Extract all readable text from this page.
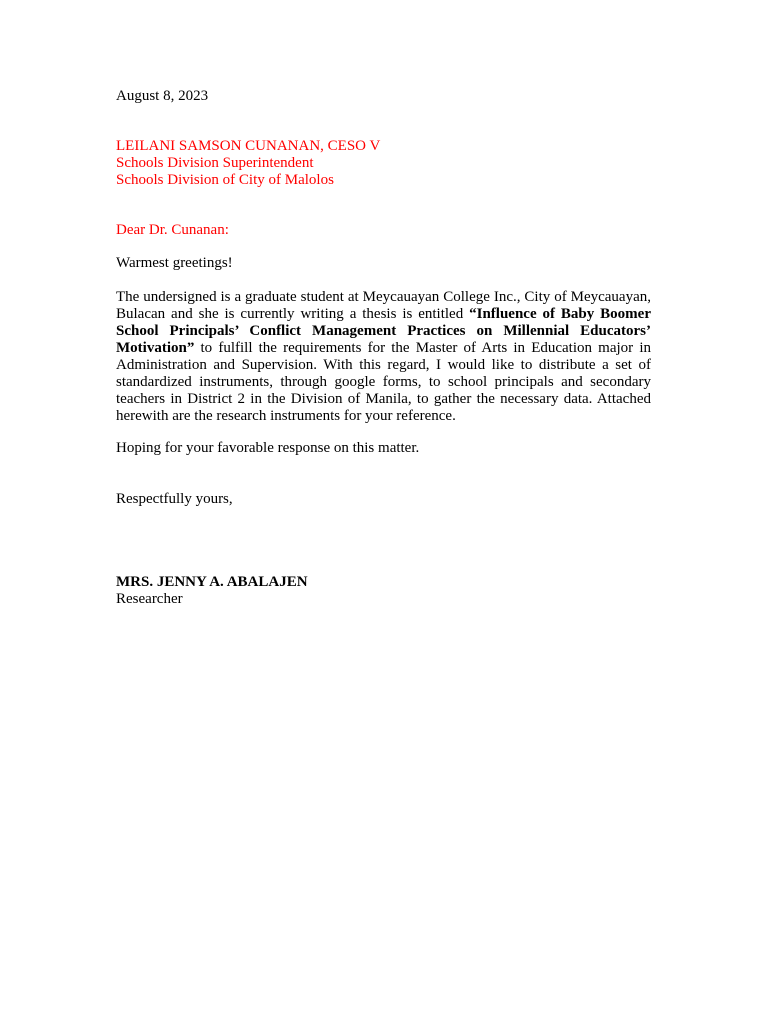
August 8, 2023
LEILANI SAMSON CUNANAN, CESO V
Schools Division Superintendent
Schools Division of City of Malolos
Dear Dr. Cunanan:
Warmest greetings!
The undersigned is a graduate student at Meycauayan College Inc., City of Meycauayan, Bulacan and she is currently writing a thesis is entitled “Influence of Baby Boomer School Principals’ Conflict Management Practices on Millennial Educators’ Motivation” to fulfill the requirements for the Master of Arts in Education major in Administration and Supervision. With this regard, I would like to distribute a set of standardized instruments, through google forms, to school principals and secondary teachers in District 2 in the Division of Manila, to gather the necessary data. Attached herewith are the research instruments for your reference.
Hoping for your favorable response on this matter.
Respectfully yours,
MRS. JENNY A. ABALAJEN
Researcher
